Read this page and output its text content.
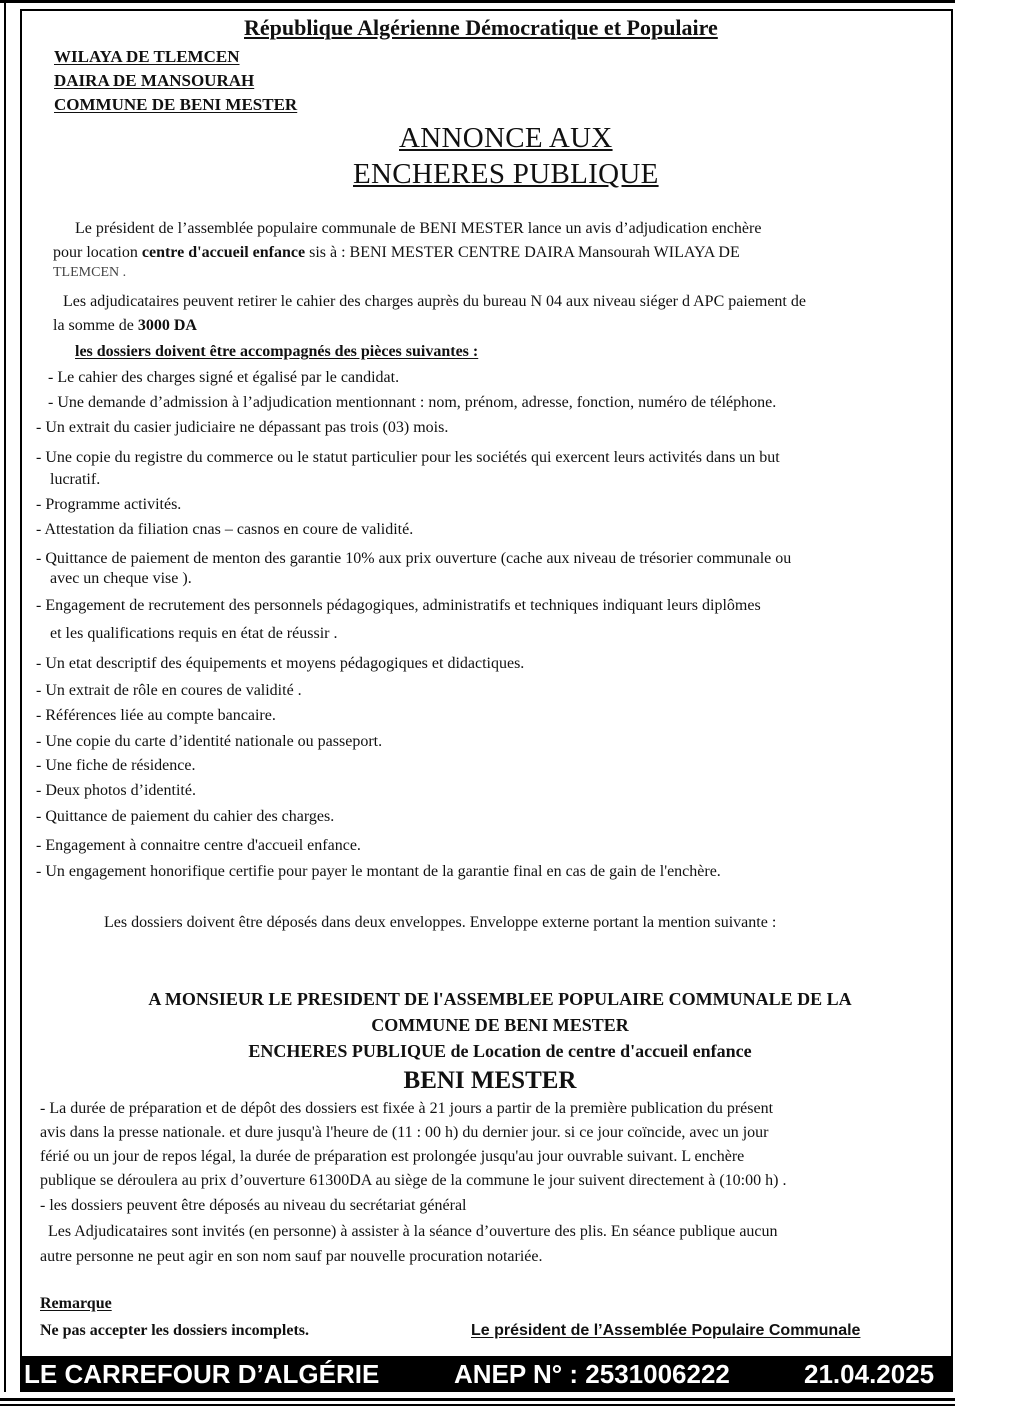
République Algérienne Démocratique et Populaire
WILAYA DE TLEMCEN
DAIRA DE MANSOURAH
COMMUNE DE BENI MESTER
ANNONCE AUX
ENCHERES PUBLIQUE
Le président de l’assemblée populaire communale de BENI MESTER lance un avis d’adjudication enchère
pour location centre d'accueil enfance sis à : BENI MESTER CENTRE DAIRA Mansourah WILAYA DE
TLEMCEN .
Les adjudicataires peuvent retirer le cahier des charges auprès du bureau N 04 aux niveau siéger d APC paiement de
la somme de 3000 DA
les dossiers doivent être accompagnés des pièces suivantes :
- Le cahier des charges signé et égalisé par le candidat.
- Une demande d’admission à l’adjudication mentionnant : nom, prénom, adresse, fonction, numéro de téléphone.
- Un extrait du casier judiciaire ne dépassant pas trois (03) mois.
- Une copie du registre du commerce ou le statut particulier pour les sociétés qui exercent leurs activités dans un but
lucratif.
- Programme activités.
- Attestation da filiation cnas – casnos en coure de validité.
- Quittance de paiement de menton des garantie 10% aux prix ouverture (cache aux niveau de trésorier communale ou
avec un cheque vise ).
- Engagement de recrutement des personnels pédagogiques, administratifs et techniques indiquant leurs diplômes
et les qualifications requis en état de réussir .
- Un etat descriptif des équipements et moyens pédagogiques et didactiques.
- Un extrait de rôle en coures de validité .
- Références liée au compte bancaire.
- Une copie du carte d’identité nationale ou passeport.
- Une fiche de résidence.
- Deux photos d’identité.
- Quittance de paiement du cahier des charges.
- Engagement à connaitre centre d'accueil enfance.
- Un engagement honorifique certifie pour payer le montant de la garantie final en cas de gain de l'enchère.
Les dossiers doivent être déposés dans deux enveloppes. Enveloppe externe portant la mention suivante :
A MONSIEUR LE PRESIDENT DE l'ASSEMBLEE POPULAIRE COMMUNALE DE LA
COMMUNE DE BENI MESTER
ENCHERES PUBLIQUE de Location de centre d'accueil enfance
BENI MESTER
- La durée de préparation et de dépôt des dossiers est fixée à 21 jours a partir de la première publication du présent
avis dans la presse nationale. et dure jusqu'à l'heure de (11 : 00 h) du dernier jour. si ce jour coïncide, avec un jour
férié ou un jour de repos légal, la durée de préparation est prolongée jusqu'au jour ouvrable suivant. L enchère
publique se déroulera au prix d’ouverture 61300DA au siège de la commune le jour suivent directement à (10:00 h) .
- les dossiers peuvent être déposés au niveau du secrétariat général
Les Adjudicataires sont invités (en personne) à assister à la séance d’ouverture des plis. En séance publique aucun
autre personne ne peut agir en son nom sauf par nouvelle procuration notariée.
Remarque
Ne pas accepter les dossiers incomplets.	Le président de l’Assemblée Populaire Communale
LE CARREFOUR D’ALGÉRIE	ANEP N° : 2531006222	21.04.2025
